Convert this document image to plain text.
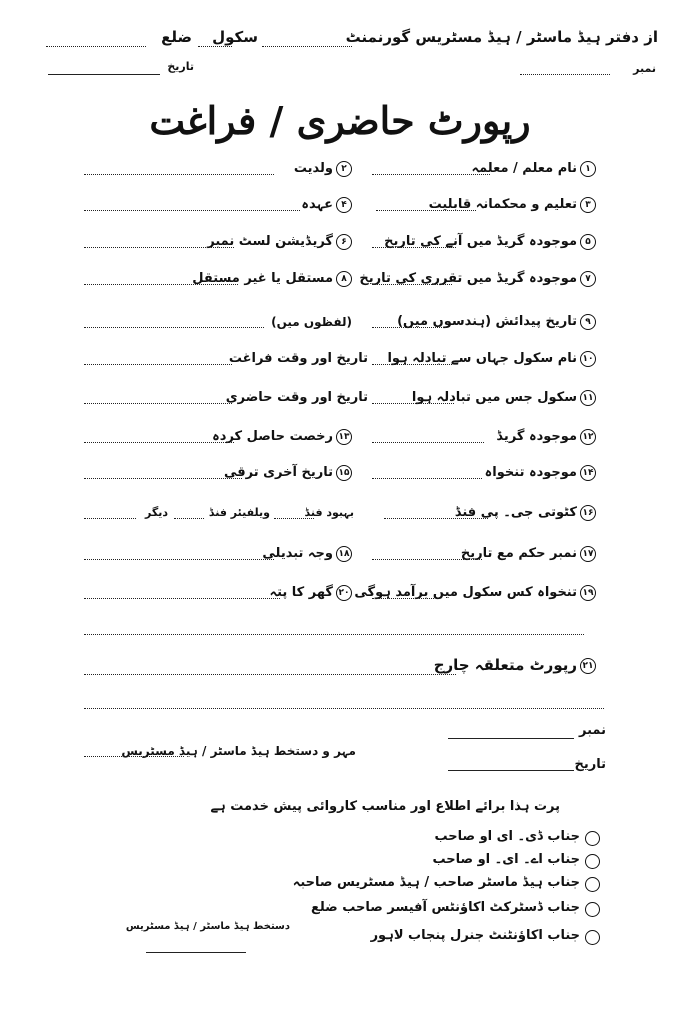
از دفتر ہیڈ ماسٹر / ہیڈ مسٹریس گورنمنٹ
سکول
ضلع
نمبر
تاریخ
رپورٹ حاضری / فراغت
۱نام معلم / معلمہ
۲ولدیت
۳تعلیم و محکمانہ قابلیت
۴عہدہ
۵موجودہ گریڈ میں آنے کی تاریخ
۶گریڈیشن لسٹ نمبر
۷موجودہ گریڈ میں تقرری کی تاریخ
۸مستقل یا غیر مستقل
۹تاریخ پیدائش (ہندسوں میں)
(لفظوں میں)
۱۰نام سکول جہاں سے تبادلہ ہوا
تاریخ اور وقت فراغت
۱۱سکول جس میں تبادلہ ہوا
تاریخ اور وقت حاضری
۱۲موجودہ گریڈ
۱۳رخصت حاصل کردہ
۱۴موجودہ تنخواہ
۱۵تاریخ آخری ترقی
۱۶کٹوتی جی۔ پی فنڈ
بہبود فنڈ
ویلفیئر فنڈ
دیگر
۱۷نمبر حکم مع تاریخ
۱۸وجہ تبدیلی
۱۹تنخواہ کس سکول میں برآمد ہوگی
۲۰گھر کا پتہ
۲۱رپورٹ متعلقہ چارج
نمبر
مہر و دستخط ہیڈ ماسٹر / ہیڈ مسٹریس
تاریخ
پرت ہذا برائے اطلاع اور مناسب کاروائی پیش خدمت ہے
جناب ڈی۔ ای او صاحب
جناب اے۔ ای۔ او صاحب
جناب ہیڈ ماسٹر صاحب / ہیڈ مسٹریس صاحبہ
جناب ڈسٹرکٹ اکاؤنٹس آفیسر صاحب ضلع
جناب اکاؤنٹنٹ جنرل پنجاب لاہور
دستخط ہیڈ ماسٹر / ہیڈ مسٹریس
